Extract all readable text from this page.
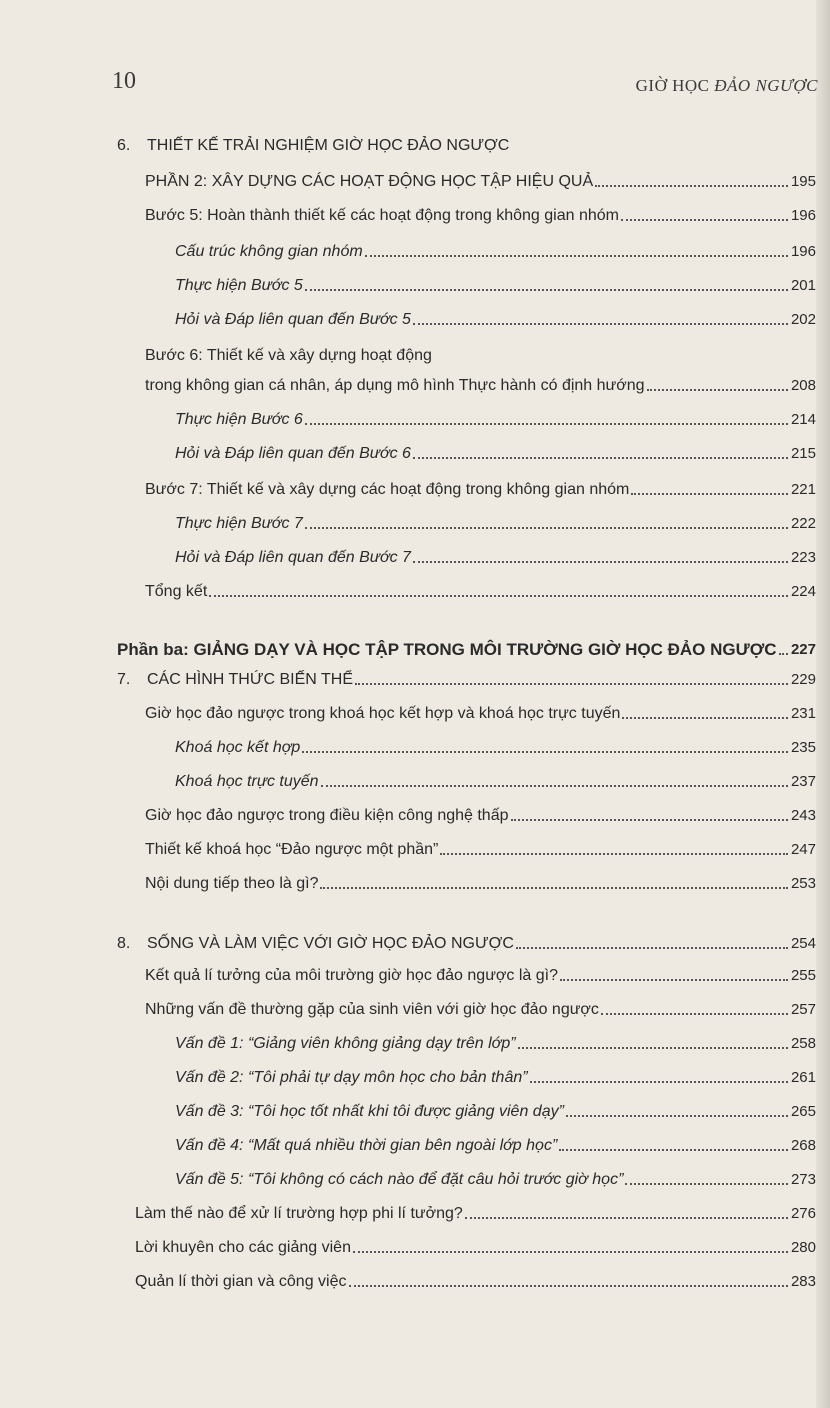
10	GIỜ HỌC ĐẢO NGƯỢC
6.	THIẾT KẾ TRẢI NGHIỆM GIỜ HỌC ĐẢO NGƯỢC
PHẦN 2: XÂY DỰNG CÁC HOẠT ĐỘNG HỌC TẬP HIỆU QUẢ	195
Bước 5: Hoàn thành thiết kế các hoạt động trong không gian nhóm	196
Cấu trúc không gian nhóm	196
Thực hiện Bước 5	201
Hỏi và Đáp liên quan đến Bước 5	202
Bước 6: Thiết kế và xây dựng hoạt động
trong không gian cá nhân, áp dụng mô hình Thực hành có định hướng	208
Thực hiện Bước 6	214
Hỏi và Đáp liên quan đến Bước 6	215
Bước 7: Thiết kế và xây dựng các hoạt động trong không gian nhóm	221
Thực hiện Bước 7	222
Hỏi và Đáp liên quan đến Bước 7	223
Tổng kết	224
Phần ba: GIẢNG DẠY VÀ HỌC TẬP TRONG MÔI TRƯỜNG GIỜ HỌC ĐẢO NGƯỢC 227
7.	CÁC HÌNH THỨC BIẾN THỂ	229
Giờ học đảo ngược trong khoá học kết hợp và khoá học trực tuyến	231
Khoá học kết hợp	235
Khoá học trực tuyến	237
Giờ học đảo ngược trong điều kiện công nghệ thấp	243
Thiết kế khoá học “Đảo ngược một phần”	247
Nội dung tiếp theo là gì?	253
8.	SỐNG VÀ LÀM VIỆC VỚI GIỜ HỌC ĐẢO NGƯỢC	254
Kết quả lí tưởng của môi trường giờ học đảo ngược là gì?	255
Những vấn đề thường gặp của sinh viên với giờ học đảo ngược	257
Vấn đề 1: “Giảng viên không giảng dạy trên lớp”	258
Vấn đề 2: “Tôi phải tự dạy môn học cho bản thân”	261
Vấn đề 3: “Tôi học tốt nhất khi tôi được giảng viên dạy”	265
Vấn đề 4: “Mất quá nhiều thời gian bên ngoài lớp học”	268
Vấn đề 5: “Tôi không có cách nào để đặt câu hỏi trước giờ học”	273
Làm thế nào để xử lí trường hợp phi lí tưởng?	276
Lời khuyên cho các giảng viên	280
Quản lí thời gian và công việc	283
